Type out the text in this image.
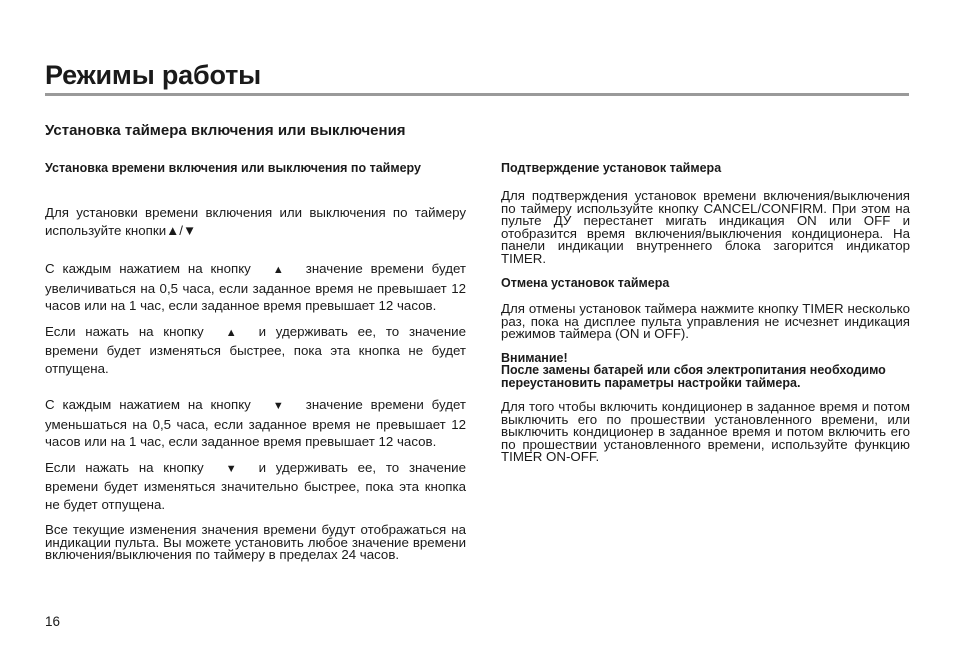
Режимы работы
Установка таймера включения или выключения

Установка времени включения или выключения по таймеру

Для установки времени включения или выключения по таймеру используйте кнопки▲/▼

С каждым нажатием на кнопку ▲ значение времени будет увеличиваться на 0,5 часа, если заданное время не превышает 12 часов или на 1 час, если заданное время превышает 12 часов.

Если нажать на кнопку ▲ и удерживать ее, то значение времени будет изменяться быстрее, пока эта кнопка не будет отпущена.

С каждым нажатием на кнопку ▼ значение времени будет уменьшаться на 0,5 часа, если заданное время не превышает 12 часов или на 1 час, если заданное время превышает 12 часов.

Если нажать на кнопку ▼ и удерживать ее, то значение времени будет изменяться значительно быстрее, пока эта кнопка не будет отпущена.

Все текущие изменения значения времени будут отображаться на индикации пульта. Вы можете установить любое значение времени включения/выключения по таймеру в пределах 24 часов.

Подтверждение установок таймера

Для подтверждения установок времени включения/выключения по таймеру используйте кнопку CANCEL/CONFIRM. При этом на пульте ДУ перестанет мигать индикация ON или OFF и отобразится время включения/выключения кондиционера. На панели индикации внутреннего блока загорится индикатор TIMER.

Отмена установок таймера

Для отмены установок таймера нажмите кнопку TIMER несколько раз, пока на дисплее пульта управления не исчезнет индикация режимов таймера (ON и OFF).

Внимание!

После замены батарей или сбоя электропитания необходимо переустановить параметры настройки таймера.

Для того чтобы включить кондиционер в заданное время и потом выключить его по прошествии установленного времени, или выключить кондиционер в заданное время и потом включить его по прошествии установленного времени, используйте функцию TIMER ON-OFF.

16
